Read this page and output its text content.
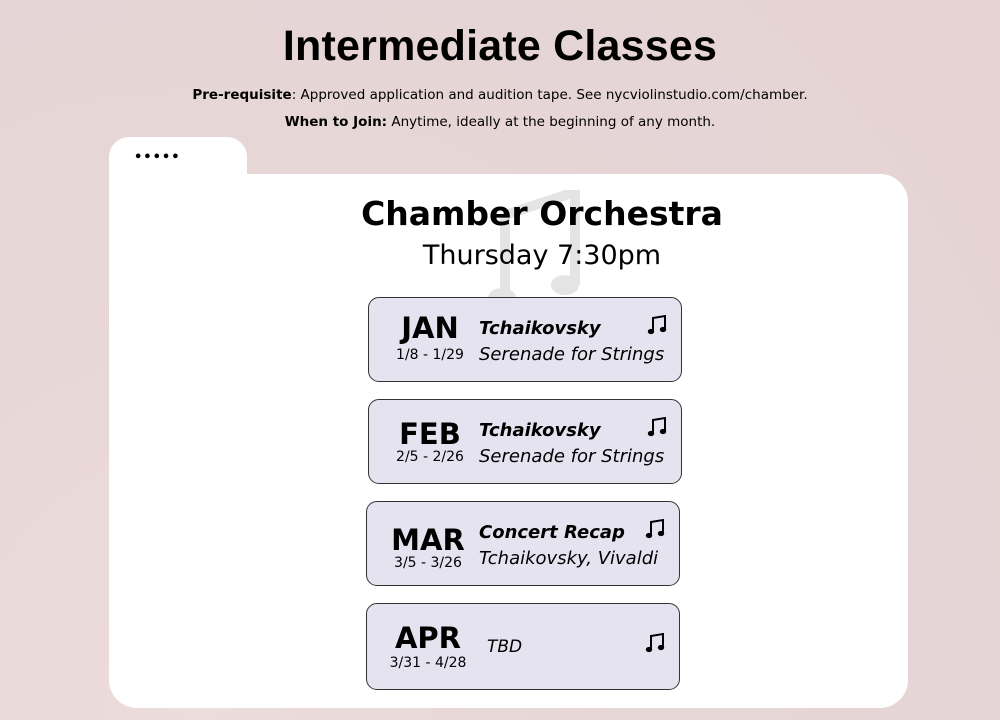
Intermediate Classes
Pre-requisite: Approved application and audition tape. See nycviolinstudio.com/chamber.
When to Join: Anytime, ideally at the beginning of any month.
•••••
Chamber Orchestra
Thursday 7:30pm
JAN
1/8 - 1/29
Tchaikovsky
Serenade for Strings
FEB
2/5 - 2/26
Tchaikovsky
Serenade for Strings
MAR
3/5 - 3/26
Concert Recap
Tchaikovsky, Vivaldi
APR
3/31 - 4/28
TBD
